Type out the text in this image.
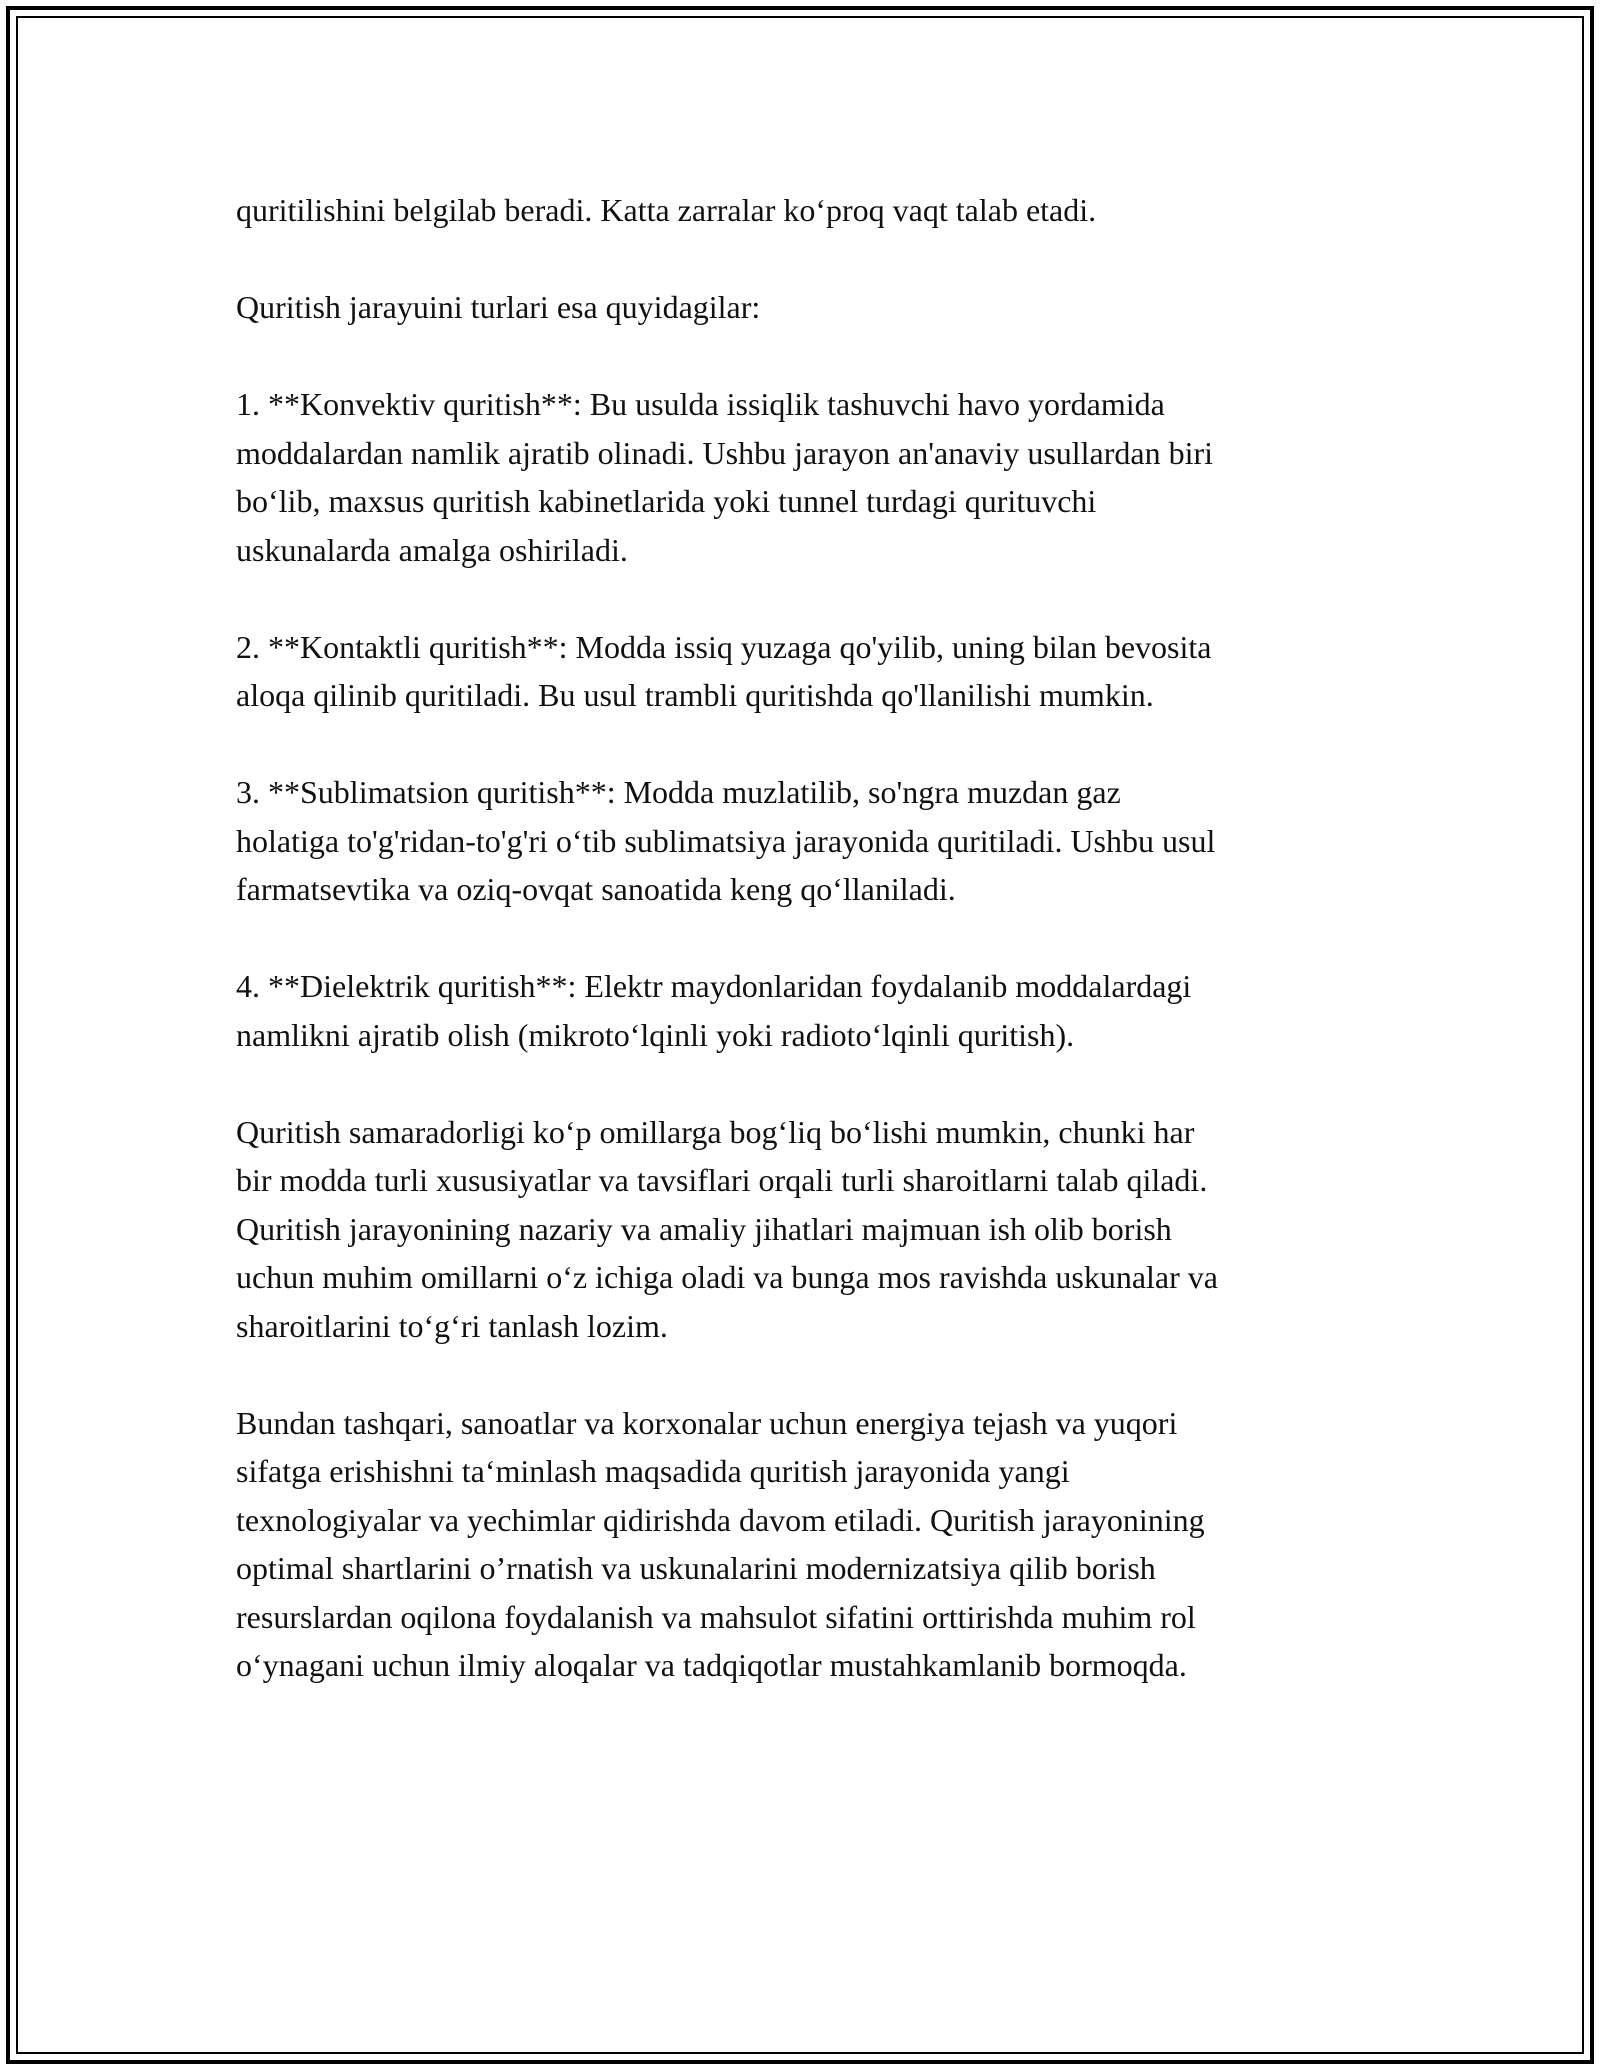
quritilishini belgilab beradi. Katta zarralar ko‘proq vaqt talab etadi.

Quritish jarayuini turlari esa quyidagilar:

1. **Konvektiv quritish**: Bu usulda issiqlik tashuvchi havo yordamida
moddalardan namlik ajratib olinadi. Ushbu jarayon an'anaviy usullardan biri
bo‘lib, maxsus quritish kabinetlarida yoki tunnel turdagi qurituvchi
uskunalarda amalga oshiriladi.

2. **Kontaktli quritish**: Modda issiq yuzaga qo'yilib, uning bilan bevosita
aloqa qilinib quritiladi. Bu usul trambli quritishda qo'llanilishi mumkin.

3. **Sublimatsion quritish**: Modda muzlatilib, so'ngra muzdan gaz
holatiga to'g'ridan-to'g'ri o‘tib sublimatsiya jarayonida quritiladi. Ushbu usul
farmatsevtika va oziq-ovqat sanoatida keng qo‘llaniladi.

4. **Dielektrik quritish**: Elektr maydonlaridan foydalanib moddalardagi
namlikni ajratib olish (mikroto‘lqinli yoki radioto‘lqinli quritish).

Quritish samaradorligi ko‘p omillarga bog‘liq bo‘lishi mumkin, chunki har
bir modda turli xususiyatlar va tavsiflari orqali turli sharoitlarni talab qiladi.
Quritish jarayonining nazariy va amaliy jihatlari majmuan ish olib borish
uchun muhim omillarni o‘z ichiga oladi va bunga mos ravishda uskunalar va
sharoitlarini to‘g‘ri tanlash lozim.

Bundan tashqari, sanoatlar va korxonalar uchun energiya tejash va yuqori
sifatga erishishni ta‘minlash maqsadida quritish jarayonida yangi
texnologiyalar va yechimlar qidirishda davom etiladi. Quritish jarayonining
optimal shartlarini o’rnatish va uskunalarini modernizatsiya qilib borish
resurslardan oqilona foydalanish va mahsulot sifatini orttirishda muhim rol
o‘ynagani uchun ilmiy aloqalar va tadqiqotlar mustahkamlanib bormoqda.
